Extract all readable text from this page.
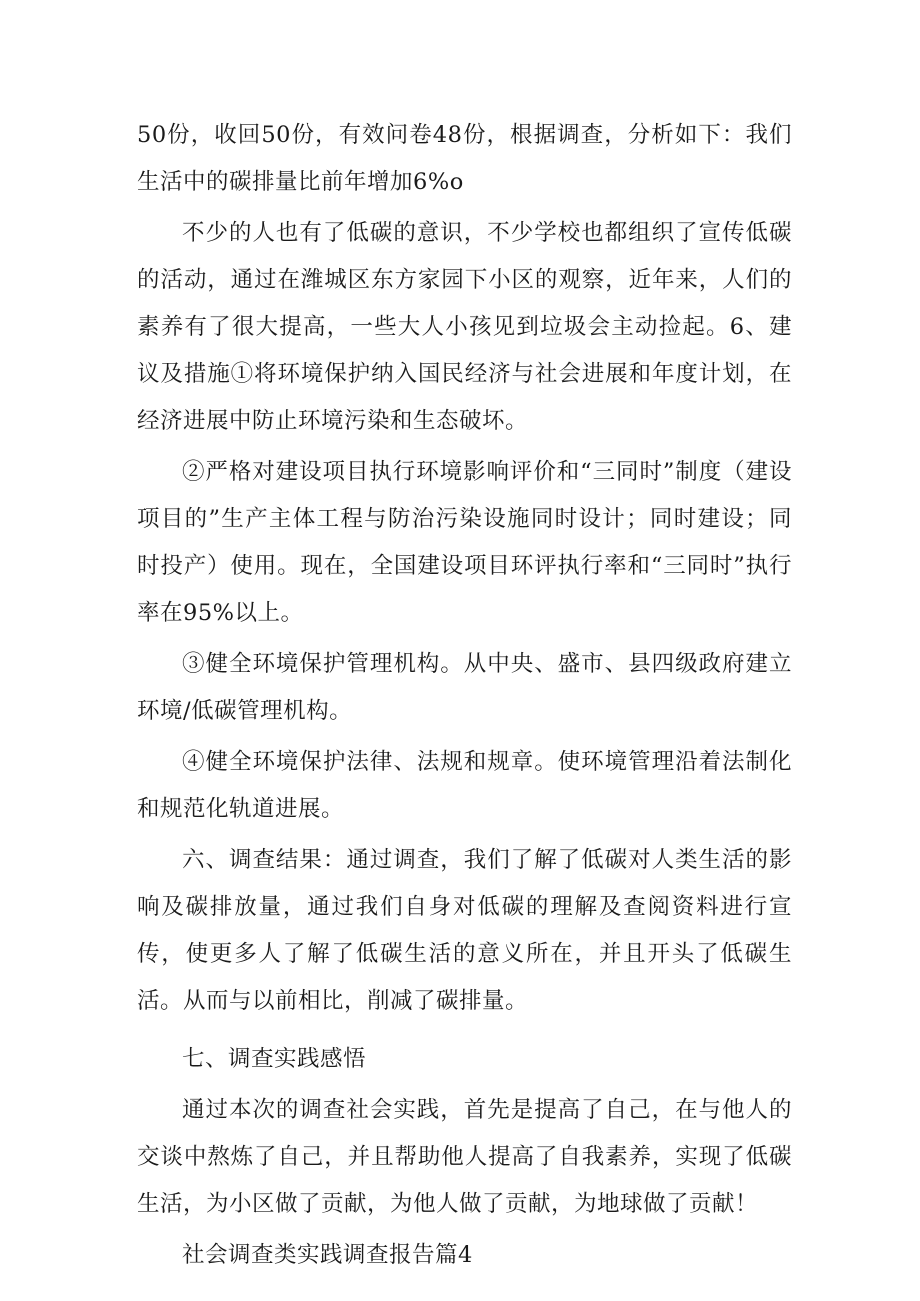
50份，收回50份，有效问卷48份，根据调查，分析如下：我们生活中的碳排量比前年增加6%o

不少的人也有了低碳的意识，不少学校也都组织了宣传低碳的活动，通过在潍城区东方家园下小区的观察，近年来，人们的素养有了很大提高，一些大人小孩见到垃圾会主动捡起。6、建议及措施①将环境保护纳入国民经济与社会进展和年度计划，在经济进展中防止环境污染和生态破坏。

②严格对建设项目执行环境影响评价和“三同时”制度（建设项目的”生产主体工程与防治污染设施同时设计；同时建设；同时投产）使用。现在，全国建设项目环评执行率和“三同时”执行率在95%以上。

③健全环境保护管理机构。从中央、盛市、县四级政府建立环境/低碳管理机构。

④健全环境保护法律、法规和规章。使环境管理沿着法制化和规范化轨道进展。

六、调查结果：通过调查，我们了解了低碳对人类生活的影响及碳排放量，通过我们自身对低碳的理解及查阅资料进行宣传，使更多人了解了低碳生活的意义所在，并且开头了低碳生活。从而与以前相比，削减了碳排量。

七、调查实践感悟

通过本次的调查社会实践，首先是提高了自己，在与他人的交谈中熬炼了自己，并且帮助他人提高了自我素养，实现了低碳生活，为小区做了贡献，为他人做了贡献，为地球做了贡献！

社会调查类实践调查报告篇4
